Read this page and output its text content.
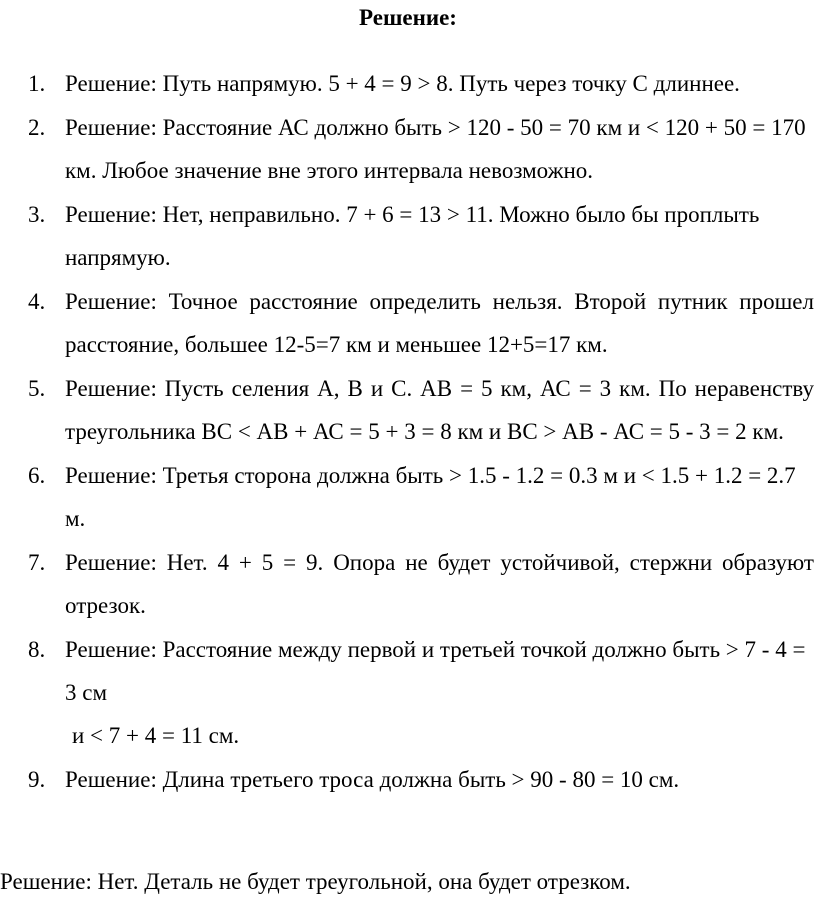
Решение:
1. Решение: Путь напрямую. 5 + 4 = 9 > 8. Путь через точку С длиннее.
2. Решение: Расстояние АС должно быть > 120 - 50 = 70 км и < 120 + 50 = 170 км. Любое значение вне этого интервала невозможно.
3. Решение: Нет, неправильно. 7 + 6 = 13 > 11. Можно было бы проплыть напрямую.
4. Решение: Точное расстояние определить нельзя. Второй путник прошел расстояние, большее 12-5=7 км и меньшее 12+5=17 км.
5. Решение: Пусть селения А, В и С. АВ = 5 км, АС = 3 км. По неравенству треугольника ВС < АВ + АС = 5 + 3 = 8 км и ВС > АВ - АС = 5 - 3 = 2 км.
6. Решение: Третья сторона должна быть > 1.5 - 1.2 = 0.3 м и < 1.5 + 1.2 = 2.7 м.
7. Решение: Нет. 4 + 5 = 9. Опора не будет устойчивой, стержни образуют отрезок.
8. Решение: Расстояние между первой и третьей точкой должно быть > 7 - 4 = 3 см
и < 7 + 4 = 11 см.
9. Решение: Длина третьего троса должна быть > 90 - 80 = 10 см.
Решение: Нет. Деталь не будет треугольной, она будет отрезком.
